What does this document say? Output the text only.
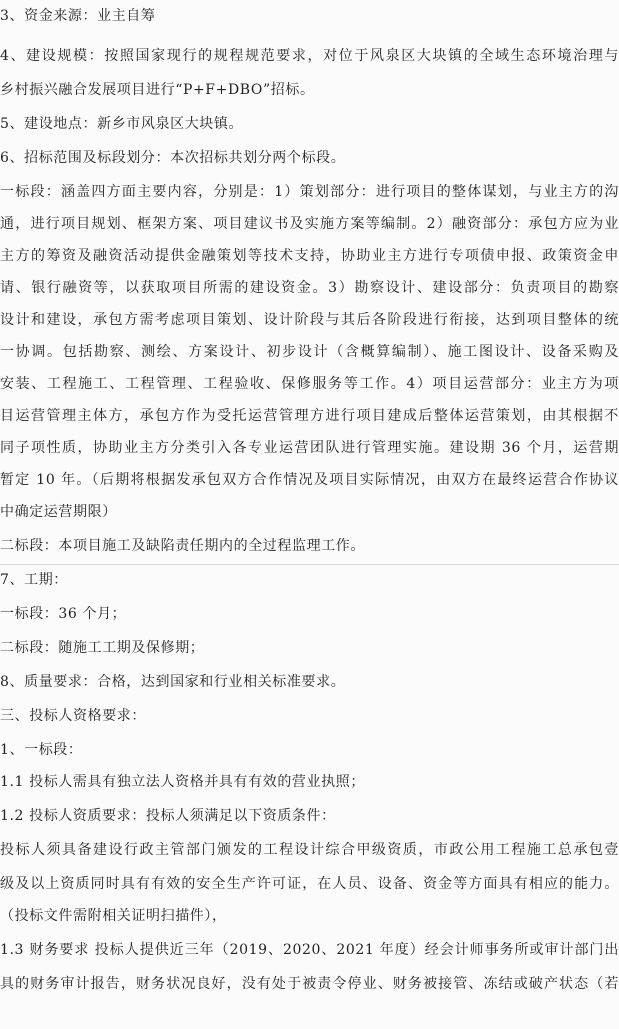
3、资金来源：业主自筹
4、建设规模：按照国家现行的规程规范要求，对位于风泉区大块镇的全域生态环境治理与
乡村振兴融合发展项目进行“P+F+DBO”招标。
5、建设地点：新乡市风泉区大块镇。
6、招标范围及标段划分：本次招标共划分两个标段。
一标段：涵盖四方面主要内容，分别是：1）策划部分：进行项目的整体谋划，与业主方的沟
通，进行项目规划、框架方案、项目建议书及实施方案等编制。2）融资部分：承包方应为业
主方的筹资及融资活动提供金融策划等技术支持，协助业主方进行专项债申报、政策资金申
请、银行融资等，以获取项目所需的建设资金。3）勘察设计、建设部分：负责项目的勘察
设计和建设，承包方需考虑项目策划、设计阶段与其后各阶段进行衔接，达到项目整体的统
一协调。包括勘察、测绘、方案设计、初步设计（含概算编制）、施工图设计、设备采购及
安装、工程施工、工程管理、工程验收、保修服务等工作。4）项目运营部分：业主方为项
目运营管理主体方，承包方作为受托运营管理方进行项目建成后整体运营策划，由其根据不
同子项性质，协助业主方分类引入各专业运营团队进行管理实施。建设期 36 个月，运营期
暂定 10 年。（后期将根据发承包双方合作情况及项目实际情况，由双方在最终运营合作协议
中确定运营期限）
二标段：本项目施工及缺陷责任期内的全过程监理工作。
7、工期：
一标段：36 个月；
二标段：随施工工期及保修期；
8、质量要求：合格，达到国家和行业相关标准要求。
三、投标人资格要求：
1、一标段：
1.1 投标人需具有独立法人资格并具有有效的营业执照；
1.2 投标人资质要求：投标人须满足以下资质条件：
投标人须具备建设行政主管部门颁发的工程设计综合甲级资质，市政公用工程施工总承包壹
级及以上资质同时具有有效的安全生产许可证，在人员、设备、资金等方面具有相应的能力。
（投标文件需附相关证明扫描件），
1.3 财务要求 投标人提供近三年（2019、2020、2021 年度）经会计师事务所或审计部门出
具的财务审计报告，财务状况良好，没有处于被责令停业、财务被接管、冻结或破产状态（若
